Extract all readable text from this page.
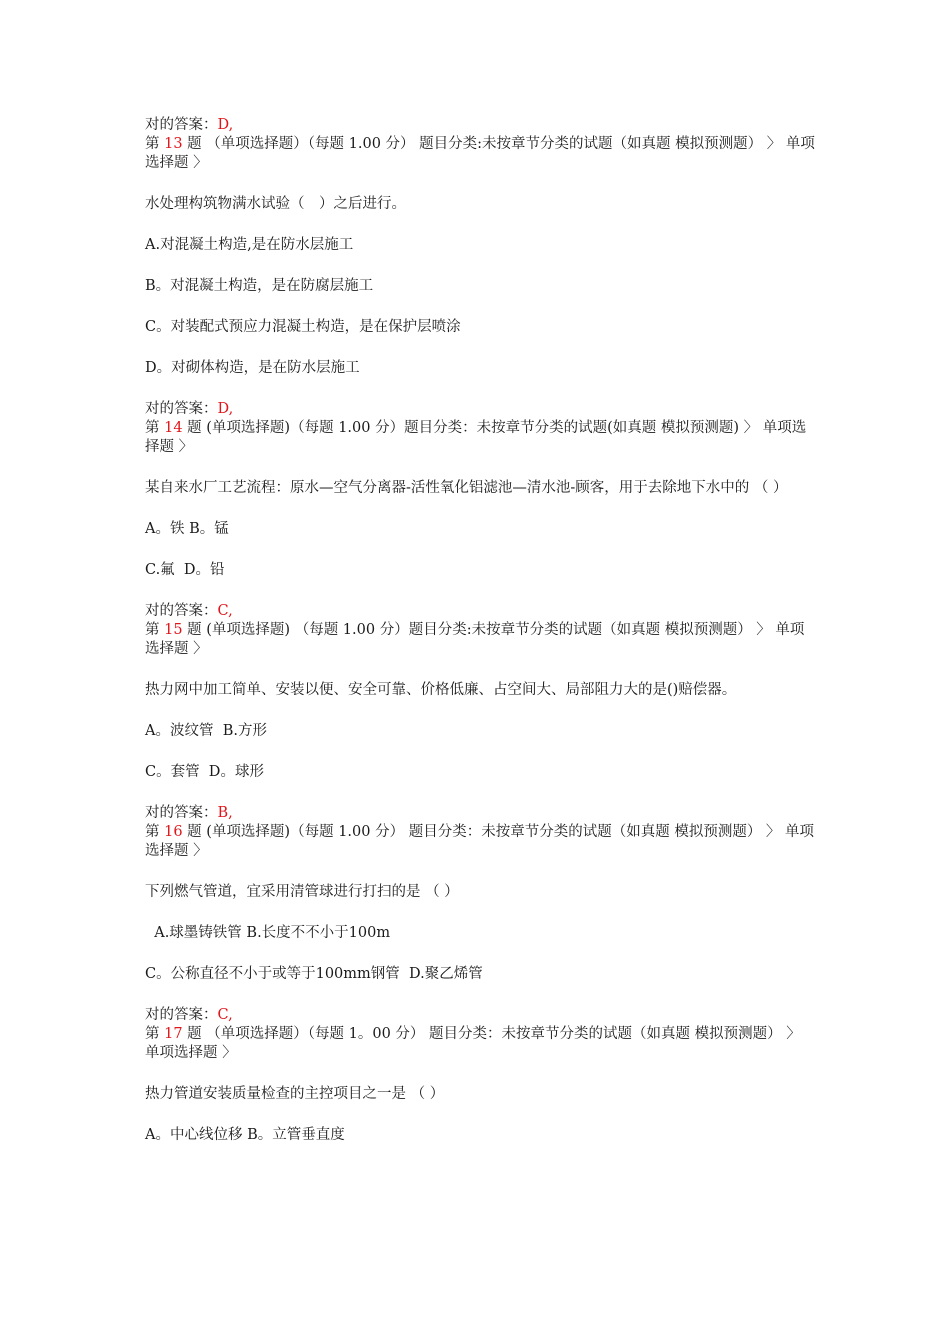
对的答案：D,

第 13 题 （单项选择题）（每题 1.00 分） 题目分类:未按章节分类的试题（如真题 模拟预测题） 〉 单项选择题 〉

水处理构筑物满水试验（　）之后进行。

A.对混凝土构造,是在防水层施工

B。对混凝土构造，是在防腐层施工

C。对装配式预应力混凝土构造，是在保护层喷涂

D。对砌体构造，是在防水层施工

对的答案：D,

第 14 题 (单项选择题)（每题 1.00 分）题目分类：未按章节分类的试题(如真题 模拟预测题) 〉 单项选择题 〉

某自来水厂工艺流程：原水—空气分离器-活性氧化铝滤池—清水池-顾客，用于去除地下水中的 （ ）

A。铁 B。锰

C.氟  D。铅

对的答案：C,

第 15 题 (单项选择题) （每题 1.00 分）题目分类:未按章节分类的试题（如真题 模拟预测题） 〉 单项选择题 〉

热力网中加工简单、安装以便、安全可靠、价格低廉、占空间大、局部阻力大的是()赔偿器。

A。波纹管  B.方形

C。套管  D。球形

对的答案：B,

第 16 题 (单项选择题)（每题 1.00 分） 题目分类：未按章节分类的试题（如真题 模拟预测题） 〉 单项选择题 〉

下列燃气管道，宜采用清管球进行打扫的是 （ ）

A.球墨铸铁管 B.长度不不小于100m

C。公称直径不小于或等于100mm钢管  D.聚乙烯管

对的答案：C,

第 17 题 （单项选择题）（每题 1。00 分） 题目分类：未按章节分类的试题（如真题 模拟预测题） 〉单项选择题 〉

热力管道安装质量检查的主控项目之一是 （ ）

A。中心线位移 B。立管垂直度
